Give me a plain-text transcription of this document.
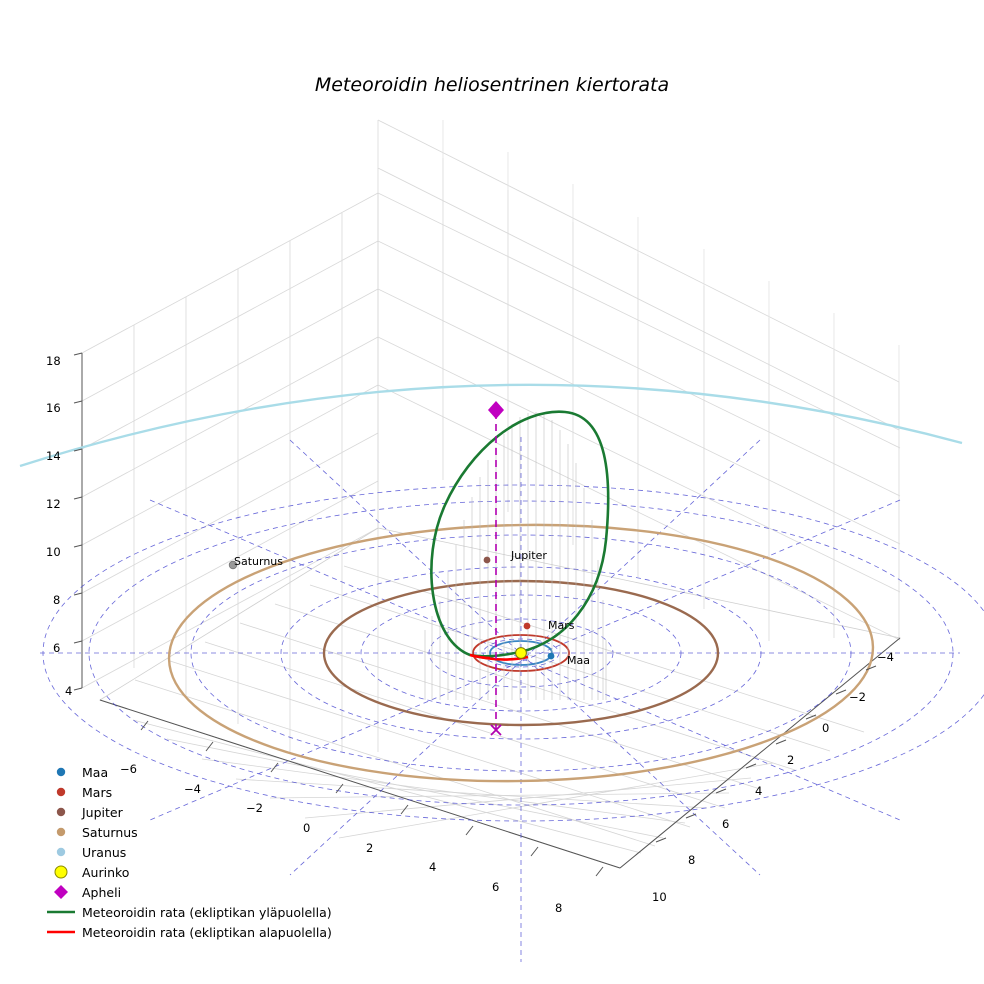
Meteoroidin heliosentrinen kiertorata
18
16
14
12
10
8
6
4
−6
−4
−2
0
2
4
6
8
−4
−2
0
2
4
6
8
10
Saturnus	Jupiter
Mars
Maa
Maa
Mars
Jupiter
Saturnus
Uranus
Aurinko
Apheli
Meteoroidin rata (ekliptikan yläpuolella)
Meteoroidin rata (ekliptikan alapuolella)
